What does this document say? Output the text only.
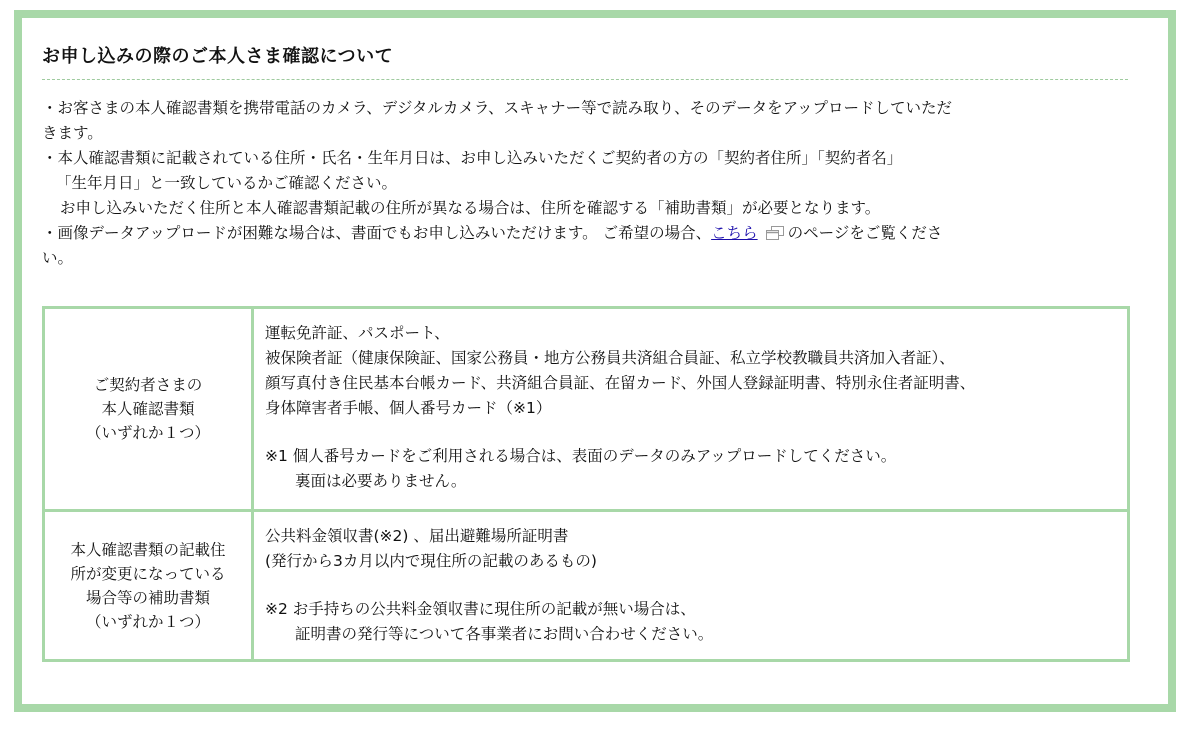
お申し込みの際のご本人さま確認について
・お客さまの本人確認書類を携帯電話のカメラ、デジタルカメラ、スキャナー等で読み取り、そのデータをアップロードしていただ
きます。
・本人確認書類に記載されている住所・氏名・生年月日は、お申し込みいただくご契約者の方の「契約者住所」「契約者名」
「生年月日」と一致しているかご確認ください。
お申し込みいただく住所と本人確認書類記載の住所が異なる場合は、住所を確認する「補助書類」が必要となります。
・画像データアップロードが困難な場合は、書面でもお申し込みいただけます。 ご希望の場合、こちら のページをご覧くださ
い。
ご契約者さまの
本人確認書類
（いずれか１つ）
運転免許証、パスポート、
被保険者証（健康保険証、国家公務員・地方公務員共済組合員証、私立学校教職員共済加入者証）、
顔写真付き住民基本台帳カード、共済組合員証、在留カード、外国人登録証明書、特別永住者証明書、
身体障害者手帳、個人番号カード（※1）
※1 個人番号カードをご利用される場合は、表面のデータのみアップロードしてください。
裏面は必要ありません。
本人確認書類の記載住
所が変更になっている
場合等の補助書類
（いずれか１つ）
公共料金領収書(※2) 、届出避難場所証明書
(発行から3カ月以内で現住所の記載のあるもの)
※2 お手持ちの公共料金領収書に現住所の記載が無い場合は、
証明書の発行等について各事業者にお問い合わせください。
